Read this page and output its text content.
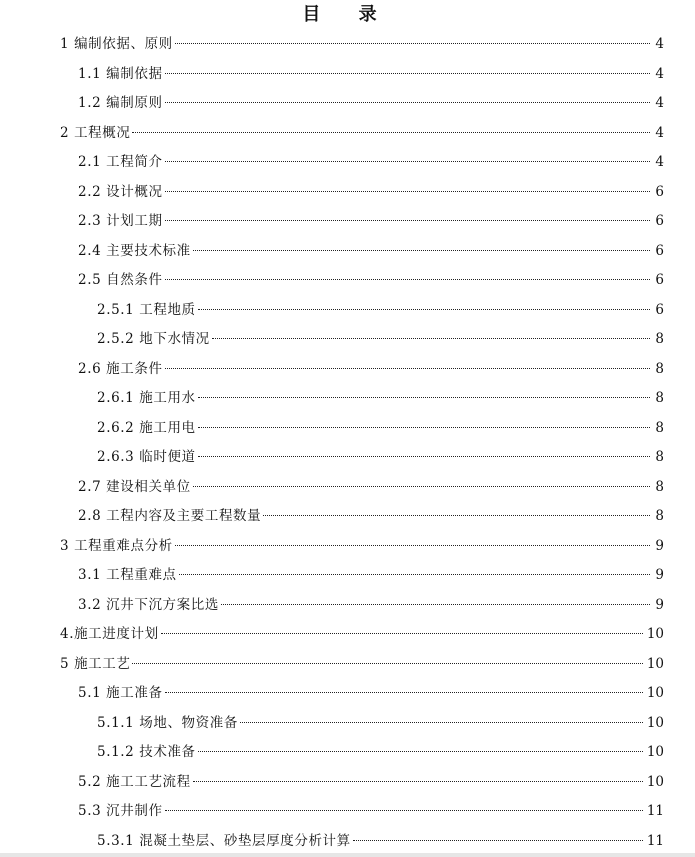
目 录
1 编制依据、原则	4
1.1 编制依据	4
1.2 编制原则	4
2 工程概况	4
2.1 工程简介	4
2.2 设计概况	6
2.3 计划工期	6
2.4 主要技术标准	6
2.5 自然条件	6
2.5.1 工程地质	6
2.5.2 地下水情况	8
2.6 施工条件	8
2.6.1 施工用水	8
2.6.2 施工用电	8
2.6.3 临时便道	8
2.7 建设相关单位	8
2.8 工程内容及主要工程数量	8
3 工程重难点分析	9
3.1 工程重难点	9
3.2 沉井下沉方案比选	9
4.施工进度计划	10
5 施工工艺	10
5.1 施工准备	10
5.1.1 场地、物资准备	10
5.1.2 技术准备	10
5.2 施工工艺流程	10
5.3 沉井制作	11
5.3.1 混凝土垫层、砂垫层厚度分析计算	11
